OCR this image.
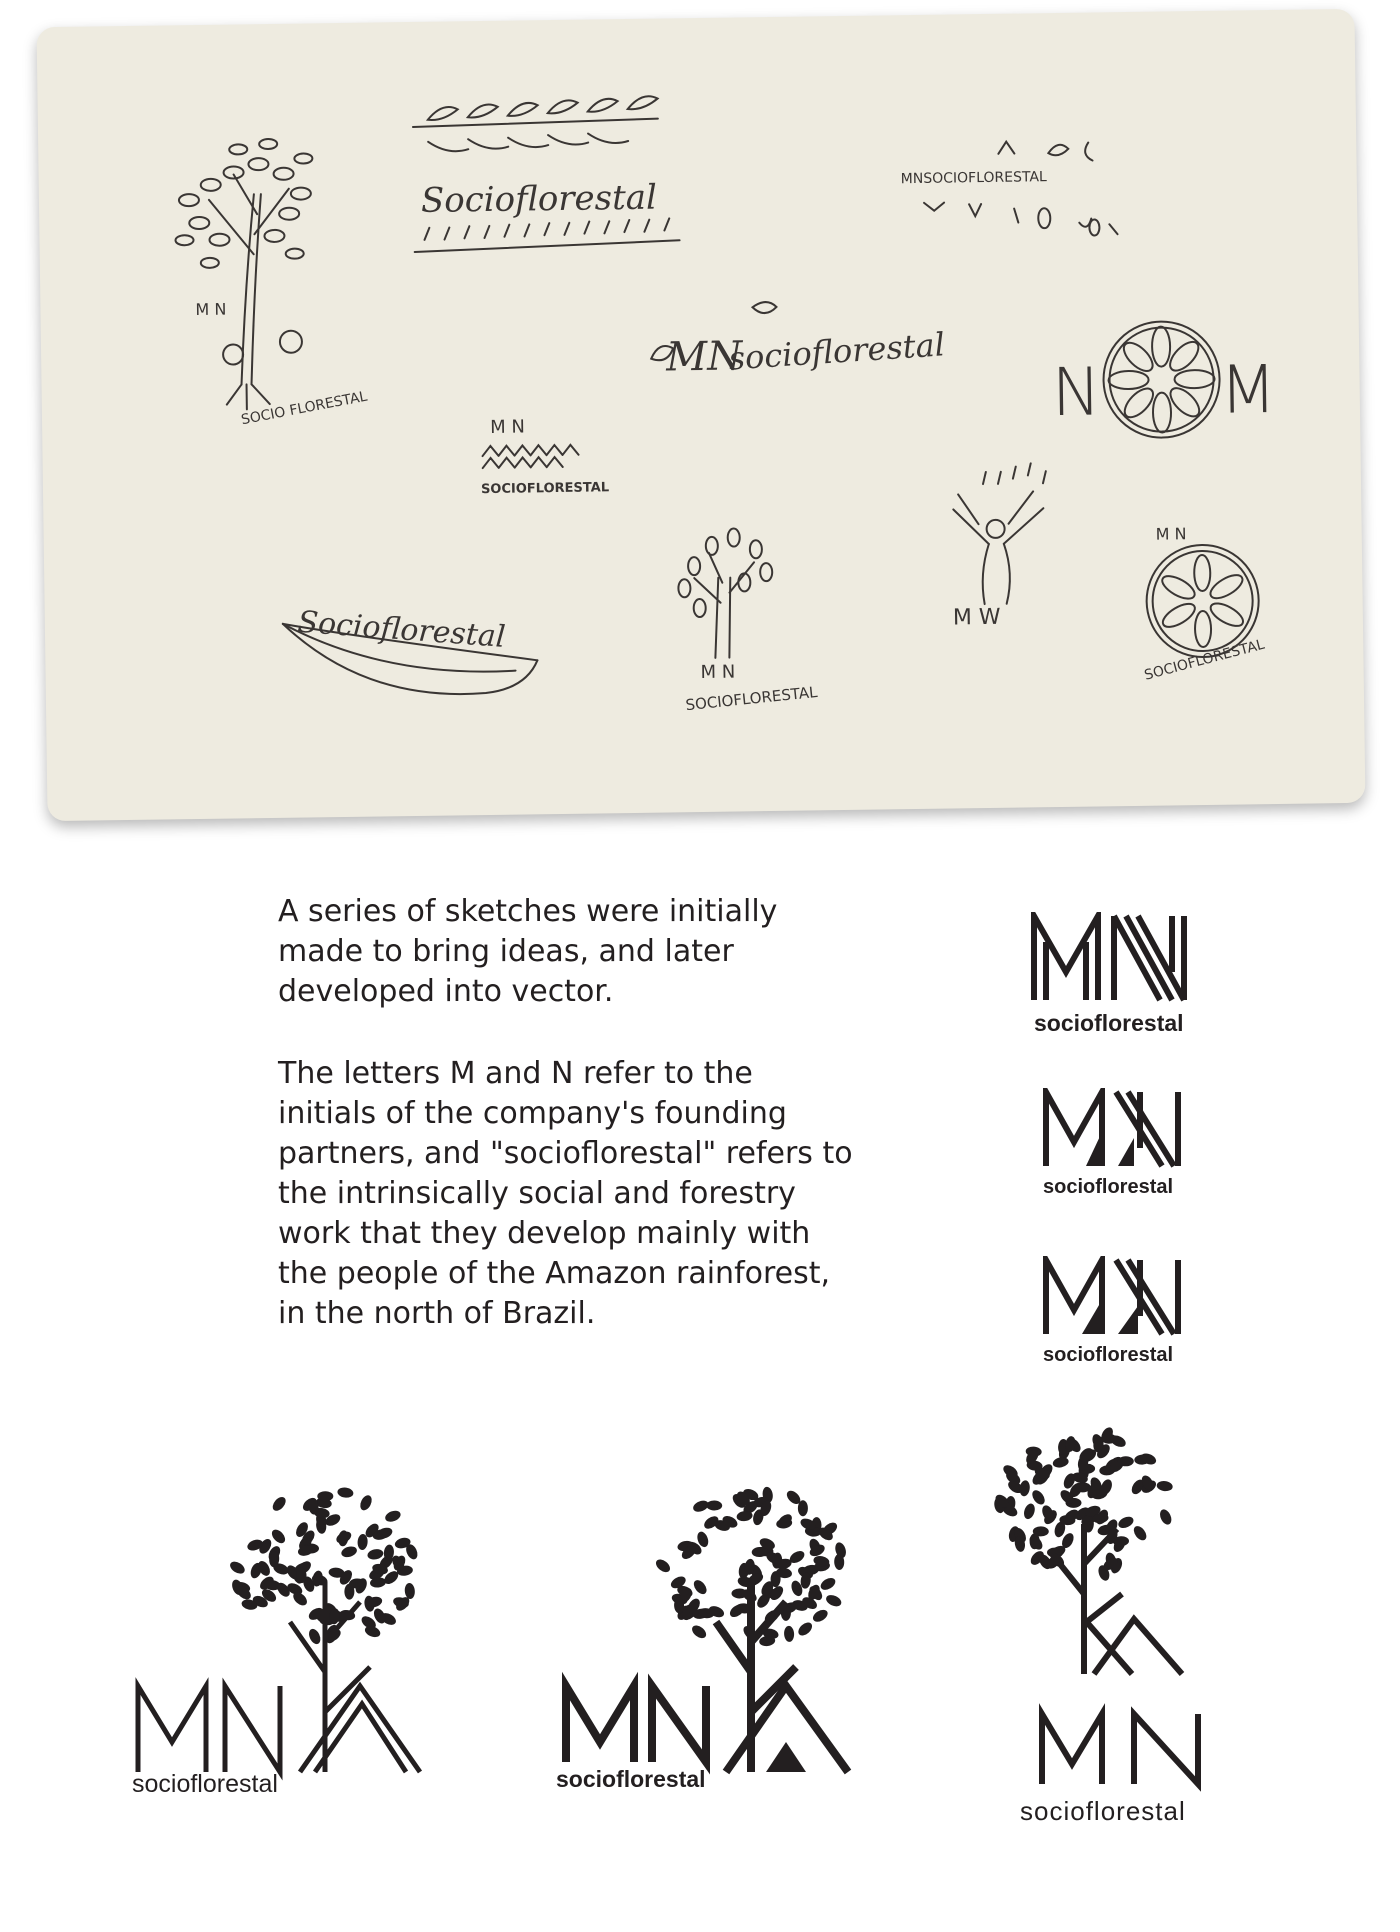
M N
SOCIO FLORESTAL
Socioflorestal	MNSOCIOFLORESTAL
MN
socioflorestal
N M
M N
SOCIOFLORESTAL
Socioflorestal
M N
SOCIOFLORESTAL
M W
M N
SOCIOFLORESTAL

A series of sketches were initially made to bring ideas, and later developed into vector.

The letters M and N refer to the initials of the company's founding partners, and "socioflorestal" refers to the intrinsically social and forestry work that they develop mainly with the people of the Amazon rainforest, in the north of Brazil.

socioflorestal
socioflorestal
socioflorestal
socioflorestal	socioflorestal
socioflorestal
